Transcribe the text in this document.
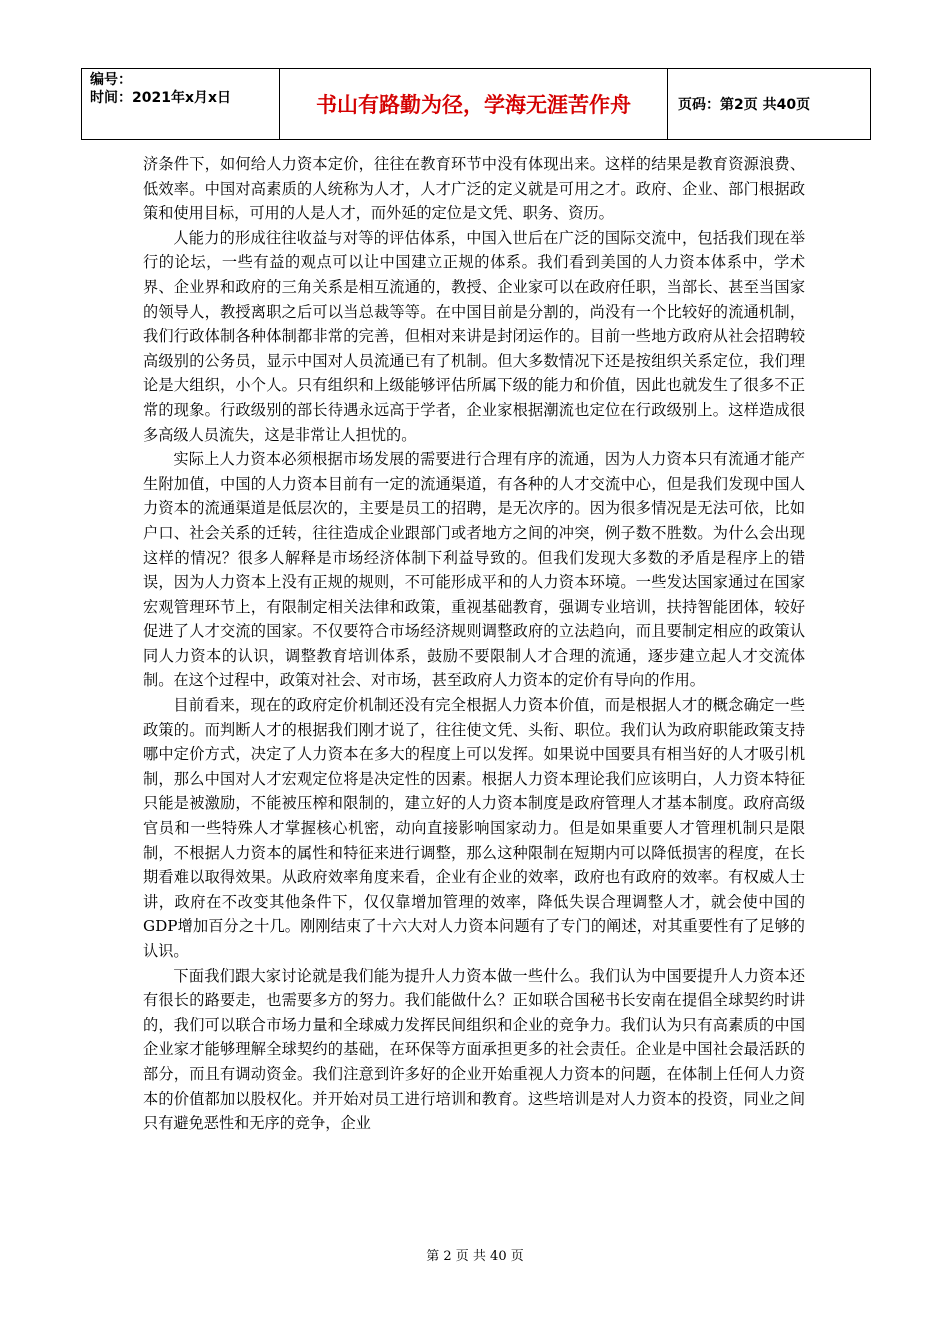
编号：
时间：2021年x月x日	书山有路勤为径，学海无涯苦作舟	页码：第2页 共40页

济条件下，如何给人力资本定价，往往在教育环节中没有体现出来。这样的结果是教育资源浪费、低效率。中国对高素质的人统称为人才，人才广泛的定义就是可用之才。政府、企业、部门根据政策和使用目标，可用的人是人才，而外延的定位是文凭、职务、资历。

人能力的形成往往收益与对等的评估体系，中国入世后在广泛的国际交流中，包括我们现在举行的论坛，一些有益的观点可以让中国建立正规的体系。我们看到美国的人力资本体系中，学术界、企业界和政府的三角关系是相互流通的，教授、企业家可以在政府任职，当部长、甚至当国家的领导人，教授离职之后可以当总裁等等。在中国目前是分割的，尚没有一个比较好的流通机制，我们行政体制各种体制都非常的完善，但相对来讲是封闭运作的。目前一些地方政府从社会招聘较高级别的公务员，显示中国对人员流通已有了机制。但大多数情况下还是按组织关系定位，我们理论是大组织，小个人。只有组织和上级能够评估所属下级的能力和价值，因此也就发生了很多不正常的现象。行政级别的部长待遇永远高于学者，企业家根据潮流也定位在行政级别上。这样造成很多高级人员流失，这是非常让人担忧的。

实际上人力资本必须根据市场发展的需要进行合理有序的流通，因为人力资本只有流通才能产生附加值，中国的人力资本目前有一定的流通渠道，有各种的人才交流中心，但是我们发现中国人力资本的流通渠道是低层次的，主要是员工的招聘，是无次序的。因为很多情况是无法可依，比如户口、社会关系的迁转，往往造成企业跟部门或者地方之间的冲突，例子数不胜数。为什么会出现这样的情况？很多人解释是市场经济体制下利益导致的。但我们发现大多数的矛盾是程序上的错误，因为人力资本上没有正规的规则，不可能形成平和的人力资本环境。一些发达国家通过在国家宏观管理环节上，有限制定相关法律和政策，重视基础教育，强调专业培训，扶持智能团体，较好促进了人才交流的国家。不仅要符合市场经济规则调整政府的立法趋向，而且要制定相应的政策认同人力资本的认识，调整教育培训体系，鼓励不要限制人才合理的流通，逐步建立起人才交流体制。在这个过程中，政策对社会、对市场，甚至政府人力资本的定价有导向的作用。

目前看来，现在的政府定价机制还没有完全根据人力资本价值，而是根据人才的概念确定一些政策的。而判断人才的根据我们刚才说了，往往使文凭、头衔、职位。我们认为政府职能政策支持哪中定价方式，决定了人力资本在多大的程度上可以发挥。如果说中国要具有相当好的人才吸引机制，那么中国对人才宏观定位将是决定性的因素。根据人力资本理论我们应该明白，人力资本特征只能是被激励，不能被压榨和限制的，建立好的人力资本制度是政府管理人才基本制度。政府高级官员和一些特殊人才掌握核心机密，动向直接影响国家动力。但是如果重要人才管理机制只是限制，不根据人力资本的属性和特征来进行调整，那么这种限制在短期内可以降低损害的程度，在长期看难以取得效果。从政府效率角度来看，企业有企业的效率，政府也有政府的效率。有权威人士讲，政府在不改变其他条件下，仅仅靠增加管理的效率，降低失误合理调整人才，就会使中国的GDP增加百分之十几。刚刚结束了十六大对人力资本问题有了专门的阐述，对其重要性有了足够的认识。

下面我们跟大家讨论就是我们能为提升人力资本做一些什么。我们认为中国要提升人力资本还有很长的路要走，也需要多方的努力。我们能做什么？正如联合国秘书长安南在提倡全球契约时讲的，我们可以联合市场力量和全球威力发挥民间组织和企业的竞争力。我们认为只有高素质的中国企业家才能够理解全球契约的基础，在环保等方面承担更多的社会责任。企业是中国社会最活跃的部分，而且有调动资金。我们注意到许多好的企业开始重视人力资本的问题，在体制上任何人力资本的价值都加以股权化。并开始对员工进行培训和教育。这些培训是对人力资本的投资，同业之间只有避免恶性和无序的竞争，企业

第 2 页 共 40 页
